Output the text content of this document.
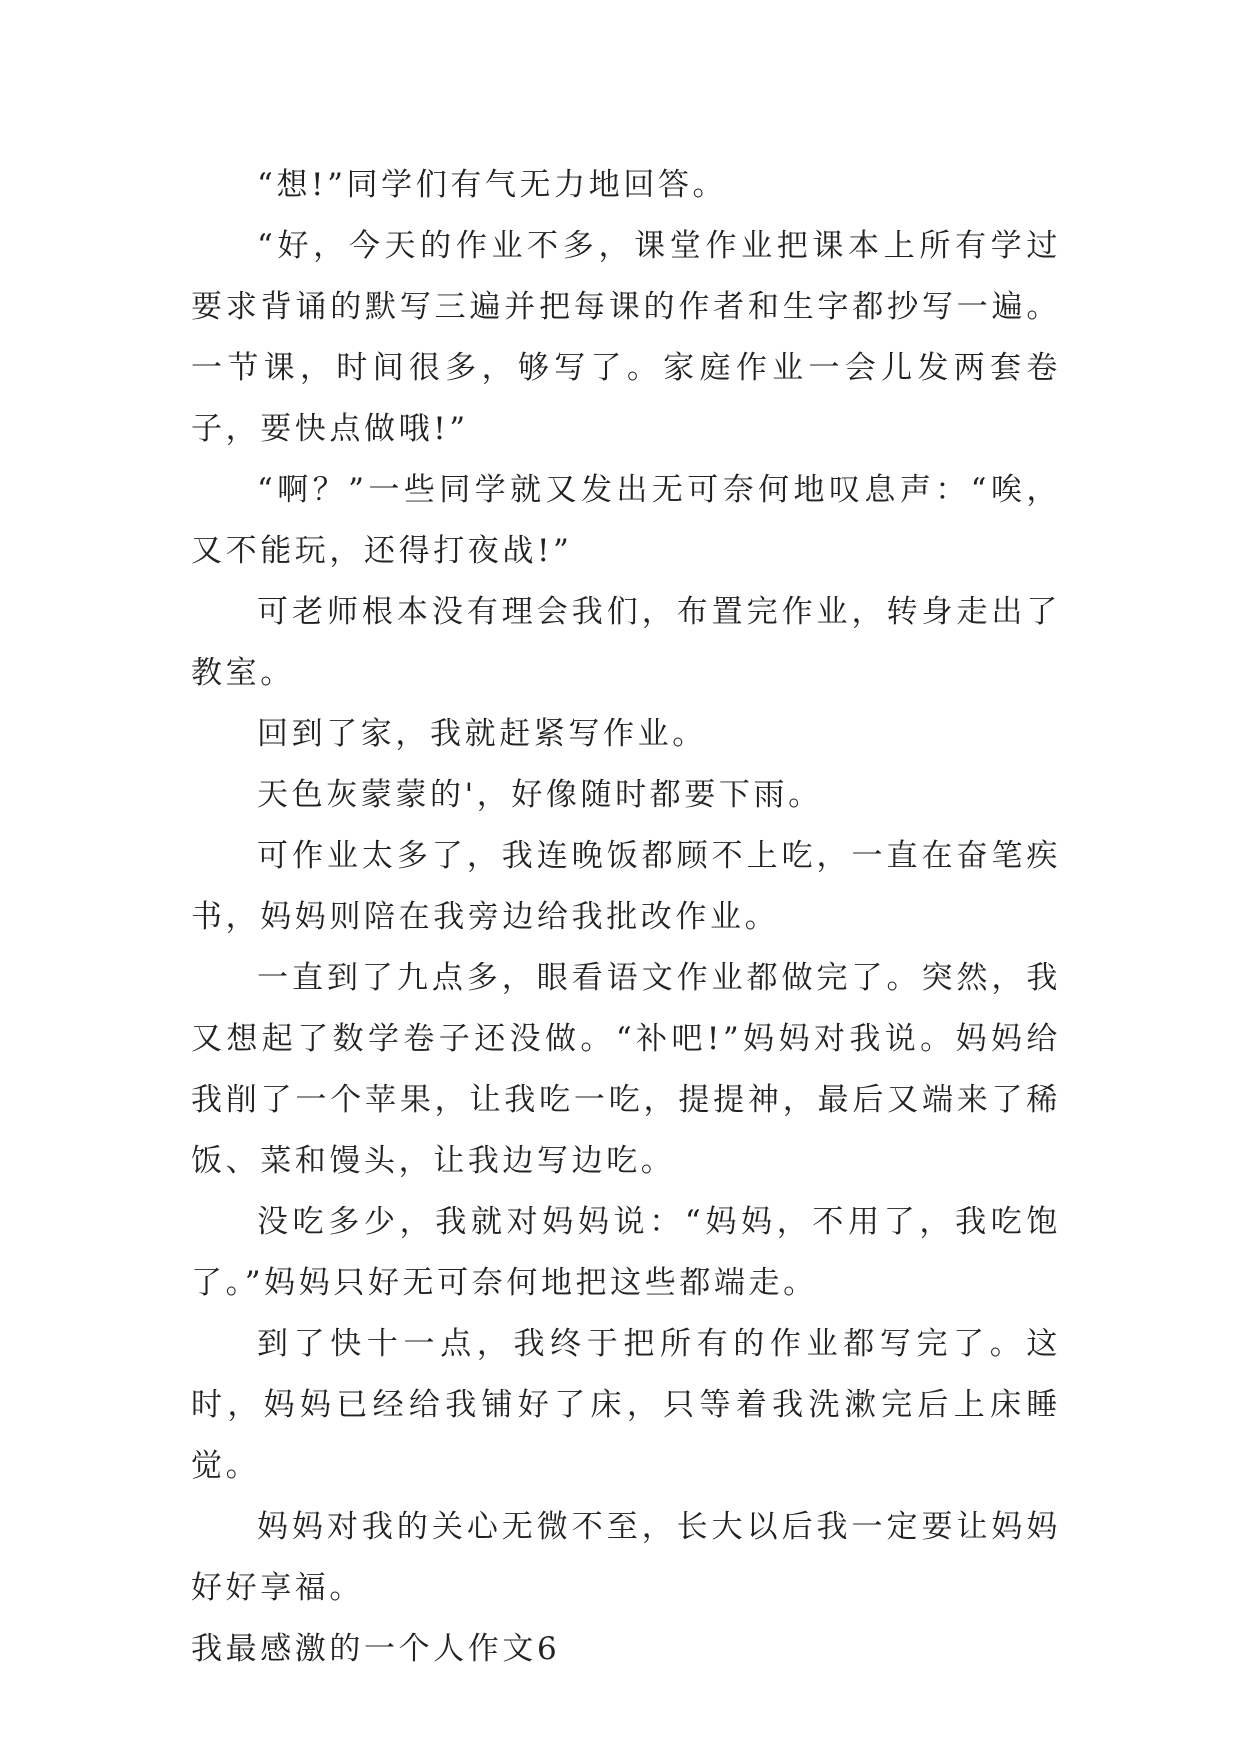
“想!”同学们有气无力地回答。

“好，今天的作业不多，课堂作业把课本上所有学过要求背诵的默写三遍并把每课的作者和生字都抄写一遍。一节课，时间很多，够写了。家庭作业一会儿发两套卷子，要快点做哦!”

“啊？”一些同学就又发出无可奈何地叹息声：“唉，又不能玩，还得打夜战!”

可老师根本没有理会我们，布置完作业，转身走出了教室。

回到了家，我就赶紧写作业。

天色灰蒙蒙的'，好像随时都要下雨。

可作业太多了，我连晚饭都顾不上吃，一直在奋笔疾书，妈妈则陪在我旁边给我批改作业。

一直到了九点多，眼看语文作业都做完了。突然，我又想起了数学卷子还没做。“补吧!”妈妈对我说。妈妈给我削了一个苹果，让我吃一吃，提提神，最后又端来了稀饭、菜和馒头，让我边写边吃。

没吃多少，我就对妈妈说：“妈妈，不用了，我吃饱了。”妈妈只好无可奈何地把这些都端走。

到了快十一点，我终于把所有的作业都写完了。这时，妈妈已经给我铺好了床，只等着我洗漱完后上床睡觉。

妈妈对我的关心无微不至，长大以后我一定要让妈妈好好享福。

我最感激的一个人作文6
